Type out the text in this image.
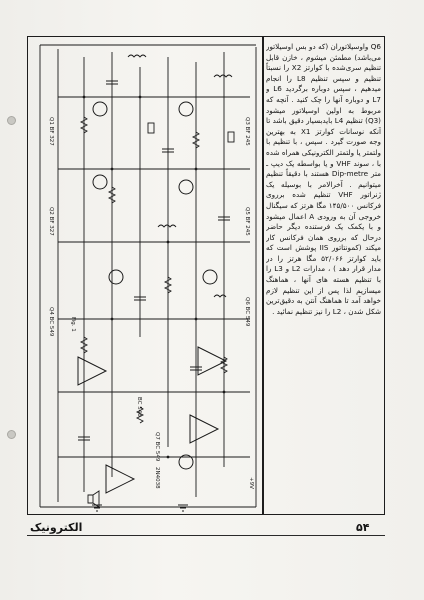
Q1 BF 327
Q2 BF 327
Q4 BC 549
Q3 BF 245
Q5 BF 245
Q6 BC 549
Q7 BC 549
Fig. 1
2N4038
BC 548
+9V

Q6 واوسیلاتوران (که دو بس اوسیلاتور می‌باشد) مطمئن میشوم ، خازن قابل تنظیم سری‌شده با کوارتز X2 را نسبتاً تنظیم و سپس تنظیم L8 را انجام میدهیم ، سپس دوباره برگردید L6 و L7 و دوباره آنها را چک کنید . آنچه که مربوط به اولین اوسیلاتور میشود (Q3) تنظیم L4 بایدبسیار دقیق باشد تا آنکه نوسانات کوارتز X1 به بهترین وجه صورت گیرد . سپس ، با تنظیم با ولتمتر یا ولتمتر الکترونیکی همراه شده با ، سوند VHF و یا بواسطه یک دیپ ـ متر Dip-metre هستند با دقیقاً تنظیم میتوانیم . آخرالامر با بوسیله یک ژنراتور VHF تنظیم شده برروی فرکانس ۱۴۵/۵۰۰ مگا هرتز که سیگنال خروجی آن به ورودی A اعمال میشود و با یکمک یک فرستنده دیگر حاضر درحال که برروی همان فرکانس کار میکند (کمونتاتور IIS پوشش است که باید کوارتز ۵۲/۰۶۶ مگا هرتز را در مدار قرار دهد ) ، مدارات L2 و L3 را با تنظیم هسته های آنها ، هماهنگ میسازیم لذا پس از این تنظیم لازم خواهد آمد تا هماهنگ آنتن به دقیق‌ترین شکل شدن ، L2 را نیز تنظیم نمائید .

الکترونیک	۵۴
